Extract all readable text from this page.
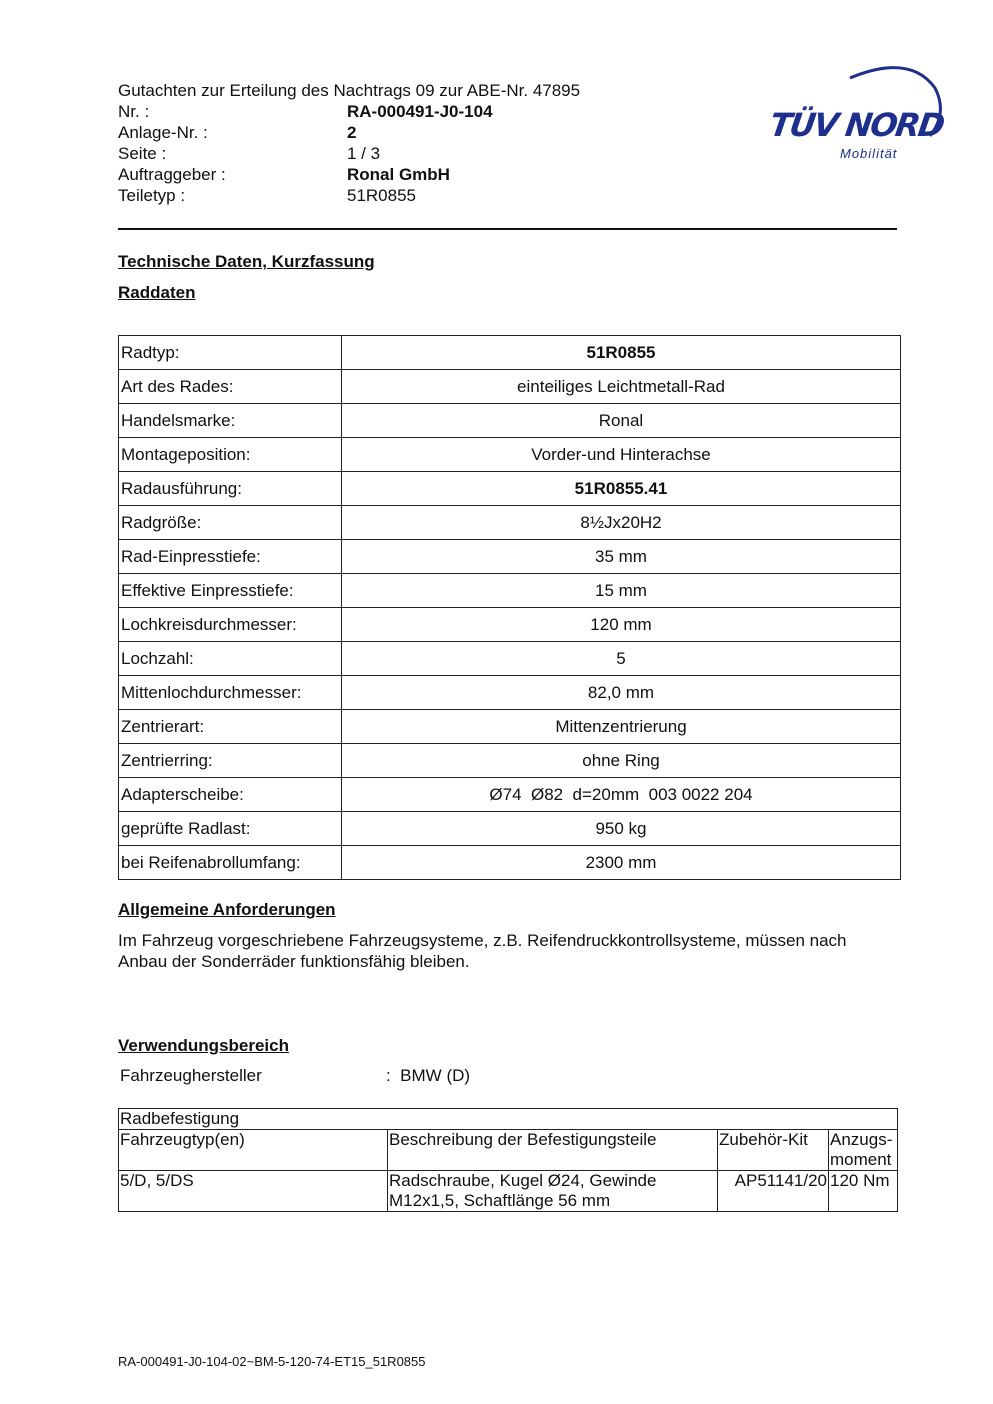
Gutachten zur Erteilung des Nachtrags 09 zur ABE-Nr. 47895
Nr. :	RA-000491-J0-104
Anlage-Nr. :	2
Seite :	1 / 3
Auftraggeber :	Ronal GmbH
Teiletyp :	51R0855
TÜV NORD
Mobilität
Technische Daten, Kurzfassung
Raddaten
Radtyp:	51R0855
Art des Rades:	einteiliges Leichtmetall-Rad
Handelsmarke:	Ronal
Montageposition:	Vorder-und Hinterachse
Radausführung:	51R0855.41
Radgröße:	8½Jx20H2
Rad-Einpresstiefe:	35 mm
Effektive Einpresstiefe:	15 mm
Lochkreisdurchmesser:	120 mm
Lochzahl:	5
Mittenlochdurchmesser:	82,0 mm
Zentrierart:	Mittenzentrierung
Zentrierring:	ohne Ring
Adapterscheibe:	Ø74  Ø82  d=20mm  003 0022 204
geprüfte Radlast:	950 kg
bei Reifenabrollumfang:	2300 mm
Allgemeine Anforderungen
Im Fahrzeug vorgeschriebene Fahrzeugsysteme, z.B. Reifendruckkontrollsysteme, müssen nach Anbau der Sonderräder funktionsfähig bleiben.
Verwendungsbereich
Fahrzeughersteller	:  BMW (D)
Radbefestigung			
Fahrzeugtyp(en)	Beschreibung der Befestigungsteile	Zubehör-Kit	Anzugs-moment
5/D, 5/DS	Radschraube, Kugel Ø24, Gewinde M12x1,5, Schaftlänge 56 mm	AP51141/20	120 Nm
RA-000491-J0-104-02~BM-5-120-74-ET15_51R0855
